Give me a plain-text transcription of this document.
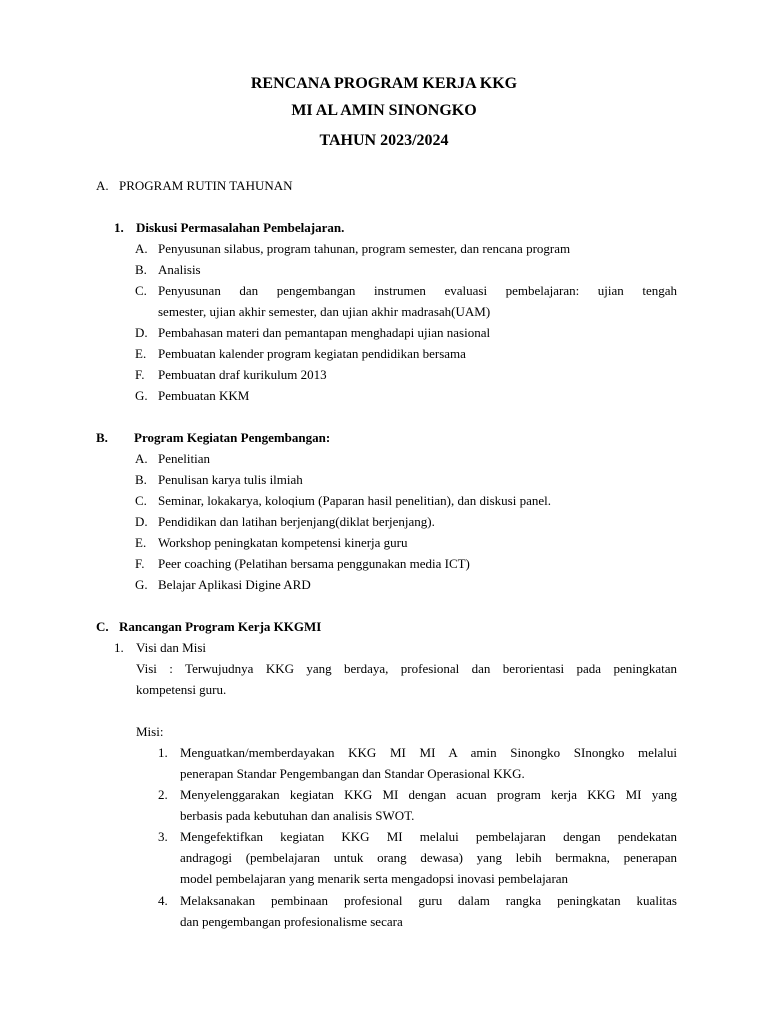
RENCANA PROGRAM KERJA KKG
MI AL AMIN SINONGKO
TAHUN 2023/2024
A. PROGRAM RUTIN TAHUNAN
1. Diskusi Permasalahan Pembelajaran.
A. Penyusunan silabus, program tahunan, program semester, dan rencana program
B. Analisis
C. Penyusunan dan pengembangan instrumen evaluasi pembelajaran: ujian tengah
semester, ujian akhir semester, dan ujian akhir madrasah(UAM)
D. Pembahasan materi dan pemantapan menghadapi ujian nasional
E. Pembuatan kalender program kegiatan pendidikan bersama
F. Pembuatan draf kurikulum 2013
G. Pembuatan KKM
B. Program Kegiatan Pengembangan:
A. Penelitian
B. Penulisan karya tulis ilmiah
C. Seminar, lokakarya, koloqium (Paparan hasil penelitian), dan diskusi panel.
D. Pendidikan dan latihan berjenjang(diklat berjenjang).
E. Workshop peningkatan kompetensi kinerja guru
F. Peer coaching (Pelatihan bersama penggunakan media ICT)
G. Belajar Aplikasi Digine ARD
C. Rancangan Program Kerja KKGMI
1. Visi dan Misi
Visi : Terwujudnya KKG yang berdaya, profesional dan berorientasi pada peningkatan
kompetensi guru.
Misi:
1. Menguatkan/memberdayakan KKG MI MI A amin Sinongko SInongko melalui
penerapan Standar Pengembangan dan Standar Operasional KKG.
2. Menyelenggarakan kegiatan KKG MI dengan acuan program kerja KKG MI yang
berbasis pada kebutuhan dan analisis SWOT.
3. Mengefektifkan kegiatan KKG MI melalui pembelajaran dengan pendekatan
andragogi (pembelajaran untuk orang dewasa) yang lebih bermakna, penerapan
model pembelajaran yang menarik serta mengadopsi inovasi pembelajaran
4. Melaksanakan pembinaan profesional guru dalam rangka peningkatan kualitas
dan pengembangan profesionalisme secara
